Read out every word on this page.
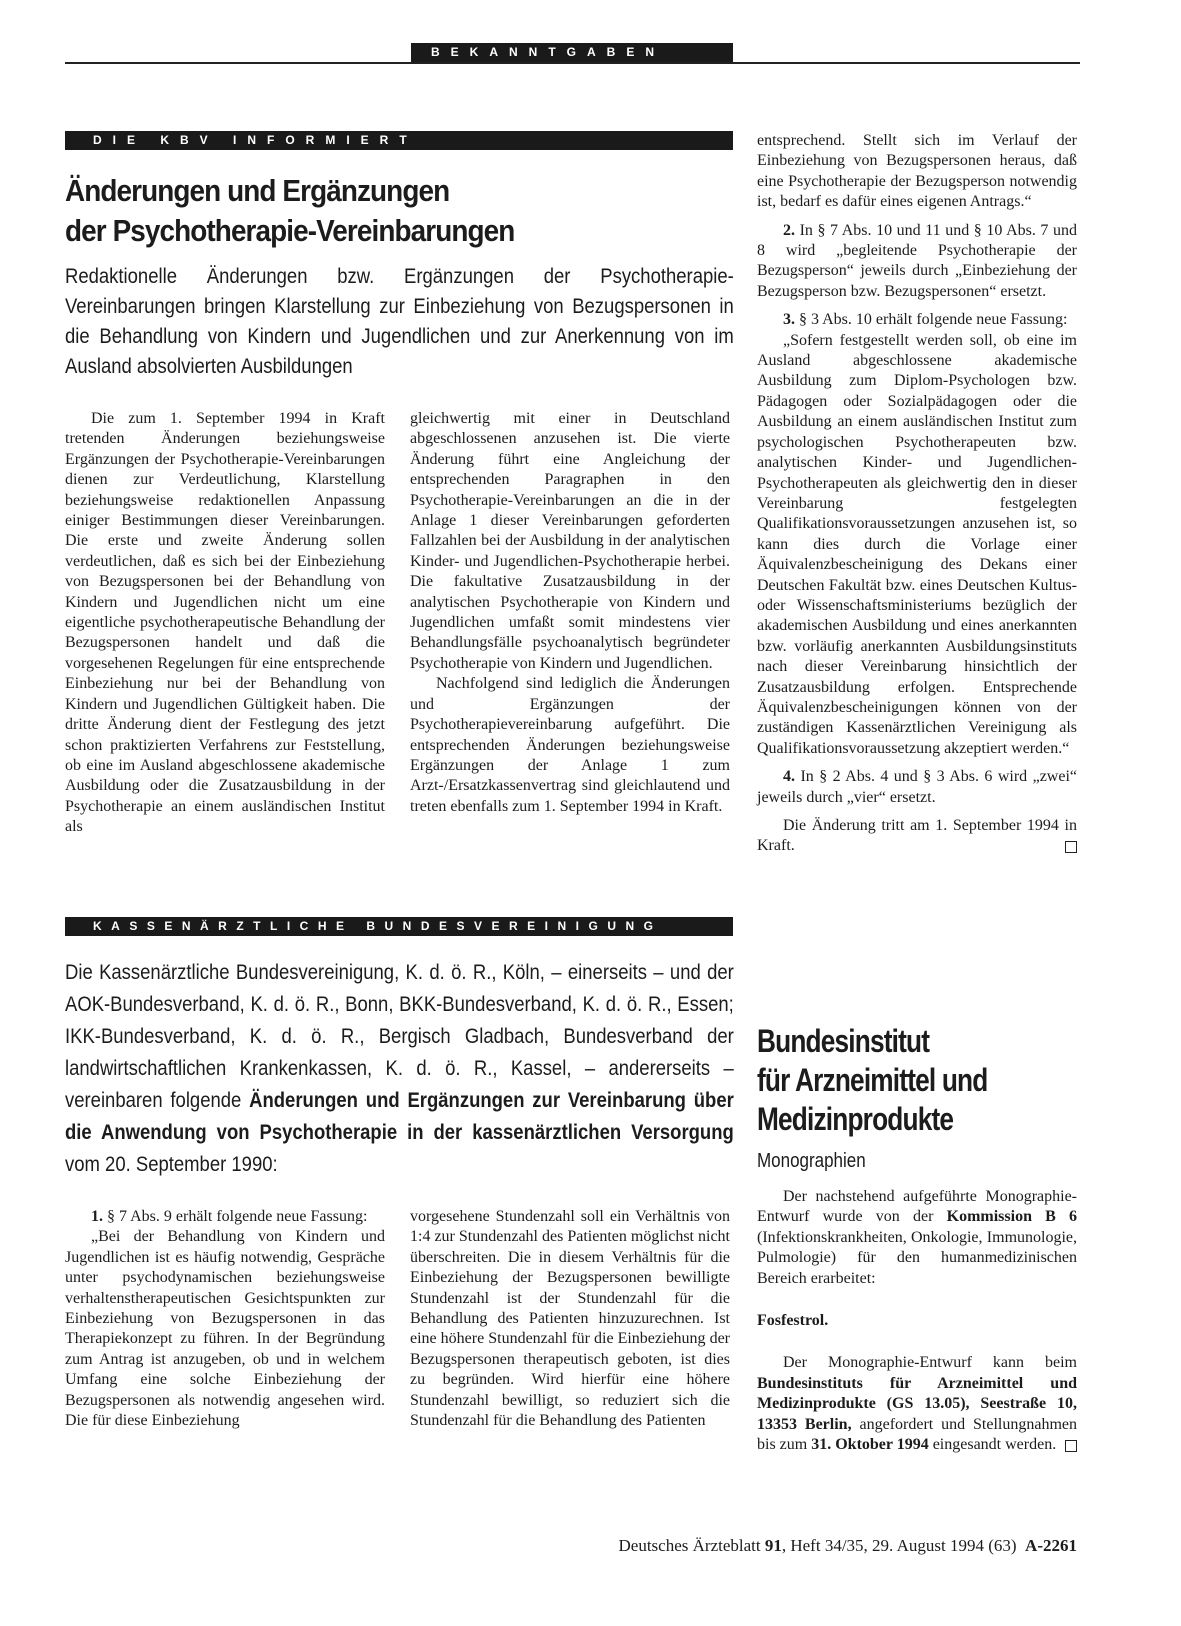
BEKANNTGABEN
DIE KBV INFORMIERT
Änderungen und Ergänzungen
der Psychotherapie-Vereinbarungen
Redaktionelle Änderungen bzw. Ergänzungen der Psychotherapie-Vereinbarungen bringen Klarstellung zur Einbeziehung von Bezugspersonen in die Behandlung von Kindern und Jugendlichen und zur Anerkennung von im Ausland absolvierten Ausbildungen

Die zum 1. September 1994 in Kraft tretenden Änderungen beziehungsweise Ergänzungen der Psychotherapie-Vereinbarungen dienen zur Verdeutlichung, Klarstellung beziehungsweise redaktionellen Anpassung einiger Bestimmungen dieser Vereinbarungen. Die erste und zweite Änderung sollen verdeutlichen, daß es sich bei der Einbeziehung von Bezugspersonen bei der Behandlung von Kindern und Jugendlichen nicht um eine eigentliche psychotherapeutische Behandlung der Bezugspersonen handelt und daß die vorgesehenen Regelungen für eine entsprechende Einbeziehung nur bei der Behandlung von Kindern und Jugendlichen Gültigkeit haben. Die dritte Änderung dient der Festlegung des jetzt schon praktizierten Verfahrens zur Feststellung, ob eine im Ausland abgeschlossene akademische Ausbildung oder die Zusatzausbildung in der Psychotherapie an einem ausländischen Institut als

gleichwertig mit einer in Deutschland abgeschlossenen anzusehen ist. Die vierte Änderung führt eine Angleichung der entsprechenden Paragraphen in den Psychotherapie-Vereinbarungen an die in der Anlage 1 dieser Vereinbarungen geforderten Fallzahlen bei der Ausbildung in der analytischen Kinder- und Jugendlichen-Psychotherapie herbei. Die fakultative Zusatzausbildung in der analytischen Psychotherapie von Kindern und Jugendlichen umfaßt somit mindestens vier Behandlungsfälle psychoanalytisch begründeter Psychotherapie von Kindern und Jugendlichen.

Nachfolgend sind lediglich die Änderungen und Ergänzungen der Psychotherapievereinbarung aufgeführt. Die entsprechenden Änderungen beziehungsweise Ergänzungen der Anlage 1 zum Arzt-/Ersatzkassenvertrag sind gleichlautend und treten ebenfalls zum 1. September 1994 in Kraft.

KASSENÄRZTLICHE BUNDESVEREINIGUNG
Die Kassenärztliche Bundesvereinigung, K. d. ö. R., Köln, – einerseits – und der AOK-Bundesverband, K. d. ö. R., Bonn, BKK-Bundesverband, K. d. ö. R., Essen; IKK-Bundesverband, K. d. ö. R., Bergisch Gladbach, Bundesverband der landwirtschaftlichen Krankenkassen, K. d. ö. R., Kassel, – andererseits – vereinbaren folgende Änderungen und Ergänzungen zur Vereinbarung über die Anwendung von Psychotherapie in der kassenärztlichen Versorgung vom 20. September 1990:

1. § 7 Abs. 9 erhält folgende neue Fassung:

„Bei der Behandlung von Kindern und Jugendlichen ist es häufig notwendig, Gespräche unter psychodynamischen beziehungsweise verhaltenstherapeutischen Gesichtspunkten zur Einbeziehung von Bezugspersonen in das Therapiekonzept zu führen. In der Begründung zum Antrag ist anzugeben, ob und in welchem Umfang eine solche Einbeziehung der Bezugspersonen als notwendig angesehen wird. Die für diese Einbeziehung

vorgesehene Stundenzahl soll ein Verhältnis von 1:4 zur Stundenzahl des Patienten möglichst nicht überschreiten. Die in diesem Verhältnis für die Einbeziehung der Bezugspersonen bewilligte Stundenzahl ist der Stundenzahl für die Behandlung des Patienten hinzuzurechnen. Ist eine höhere Stundenzahl für die Einbeziehung der Bezugspersonen therapeutisch geboten, ist dies zu begründen. Wird hierfür eine höhere Stundenzahl bewilligt, so reduziert sich die Stundenzahl für die Behandlung des Patienten

entsprechend. Stellt sich im Verlauf der Einbeziehung von Bezugspersonen heraus, daß eine Psychotherapie der Bezugsperson notwendig ist, bedarf es dafür eines eigenen Antrags.“

2. In § 7 Abs. 10 und 11 und § 10 Abs. 7 und 8 wird „begleitende Psychotherapie der Bezugsperson“ jeweils durch „Einbeziehung der Bezugsperson bzw. Bezugspersonen“ ersetzt.

3. § 3 Abs. 10 erhält folgende neue Fassung:

„Sofern festgestellt werden soll, ob eine im Ausland abgeschlossene akademische Ausbildung zum Diplom-Psychologen bzw. Pädagogen oder Sozialpädagogen oder die Ausbildung an einem ausländischen Institut zum psychologischen Psychotherapeuten bzw. analytischen Kinder- und Jugendlichen-Psychotherapeuten als gleichwertig den in dieser Vereinbarung festgelegten Qualifikationsvoraussetzungen anzusehen ist, so kann dies durch die Vorlage einer Äquivalenzbescheinigung des Dekans einer Deutschen Fakultät bzw. eines Deutschen Kultus- oder Wissenschaftsministeriums bezüglich der akademischen Ausbildung und eines anerkannten bzw. vorläufig anerkannten Ausbildungsinstituts nach dieser Vereinbarung hinsichtlich der Zusatzausbildung erfolgen. Entsprechende Äquivalenzbescheinigungen können von der zuständigen Kassenärztlichen Vereinigung als Qualifikationsvoraussetzung akzeptiert werden.“

4. In § 2 Abs. 4 und § 3 Abs. 6 wird „zwei“ jeweils durch „vier“ ersetzt.

Die Änderung tritt am 1. September 1994 in Kraft.

Bundesinstitut
für Arzneimittel und
Medizinprodukte
Monographien

Der nachstehend aufgeführte Monographie-Entwurf wurde von der Kommission B 6 (Infektionskrankheiten, Onkologie, Immunologie, Pulmologie) für den humanmedizinischen Bereich erarbeitet:

Fosfestrol.

Der Monographie-Entwurf kann beim Bundesinstituts für Arzneimittel und Medizinprodukte (GS 13.05), Seestraße 10, 13353 Berlin, angefordert und Stellungnahmen bis zum 31. Oktober 1994 eingesandt werden.

Deutsches Ärzteblatt 91, Heft 34/35, 29. August 1994 (63) A-2261
